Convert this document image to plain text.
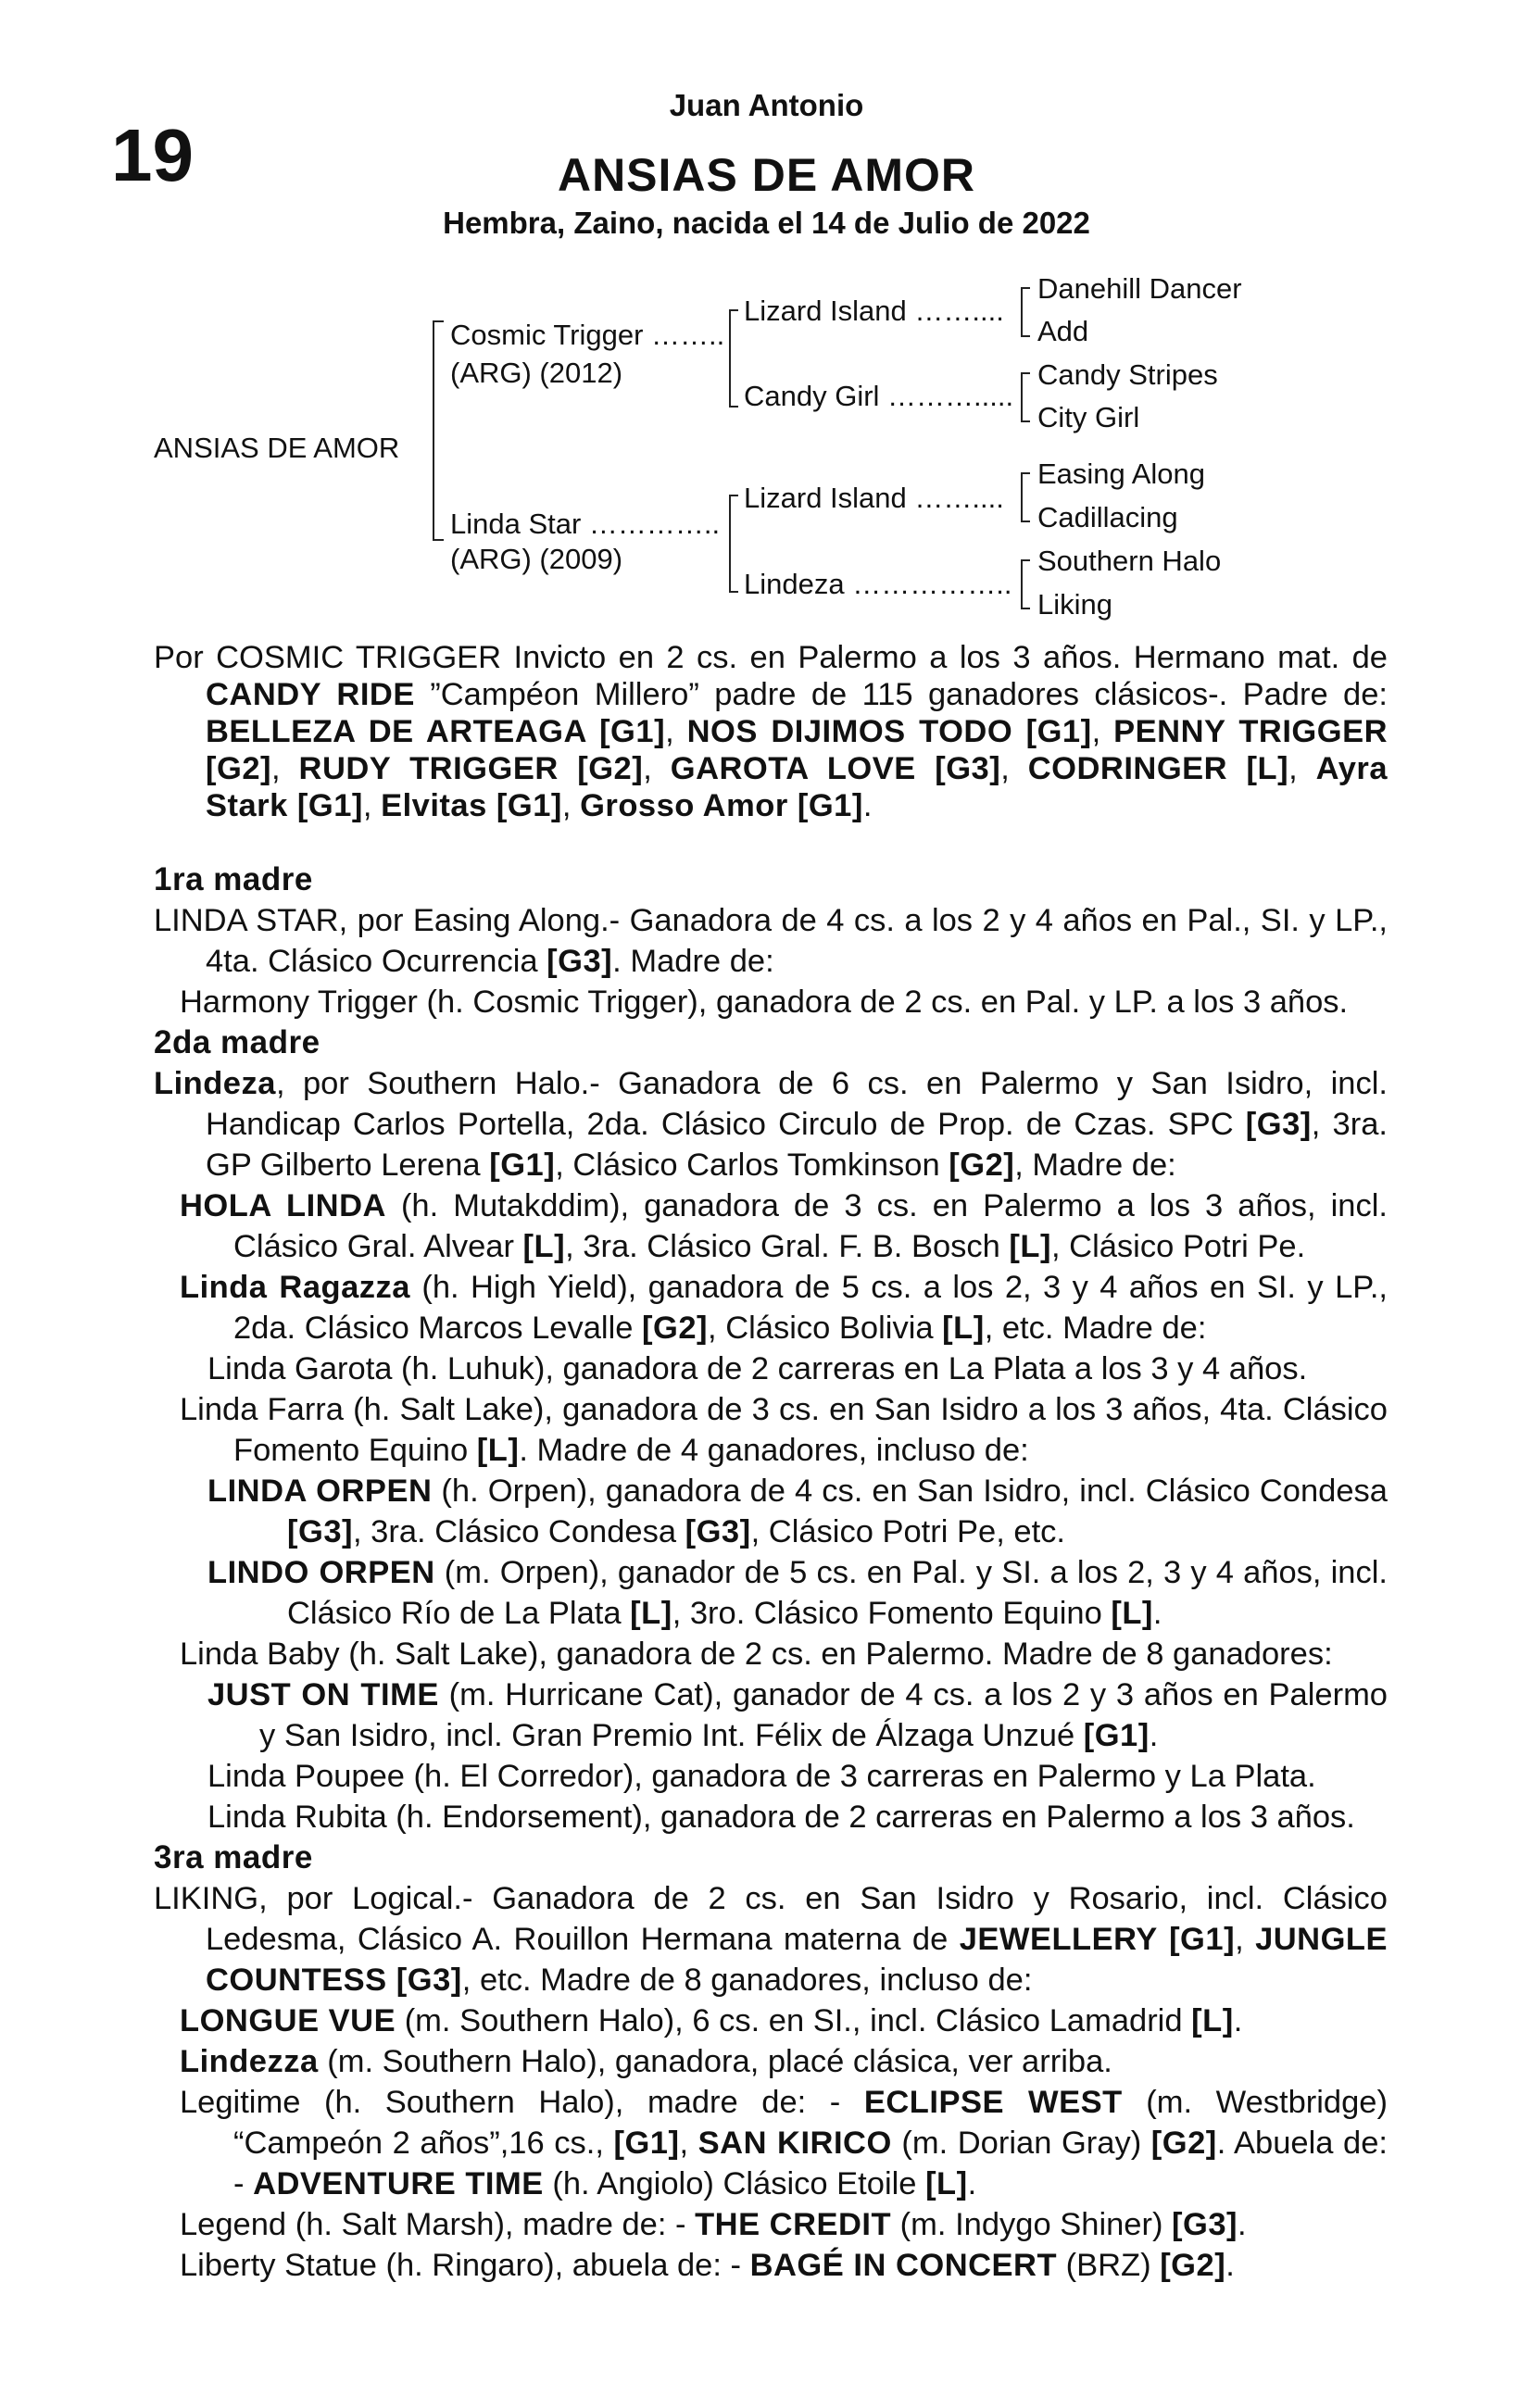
19
Juan Antonio
ANSIAS DE AMOR
Hembra, Zaino, nacida el 14 de Julio de 2022
ANSIAS DE AMOR
Cosmic Trigger ……..
(ARG) (2012)
Linda Star …………..
(ARG) (2009)
Lizard Island ……....
Candy Girl ……….....
Lizard Island ……....
Lindeza ……………..
Danehill Dancer
Add
Candy Stripes
City Girl
Easing Along
Cadillacing
Southern Halo
Liking

Por COSMIC TRIGGER Invicto en 2 cs. en Palermo a los 3 años. Hermano mat. de CANDY RIDE ”Campéon Millero” padre de 115 ganadores clásicos-. Padre de: BELLEZA DE ARTEAGA [G1], NOS DIJIMOS TODO [G1], PENNY TRIGGER [G2], RUDY TRIGGER [G2], GAROTA LOVE [G3], CODRINGER [L], Ayra Stark [G1], Elvitas [G1], Grosso Amor [G1].

1ra madre

LINDA STAR, por Easing Along.- Ganadora de 4 cs. a los 2 y 4 años en Pal., SI. y LP., 4ta. Clásico Ocurrencia [G3]. Madre de:

Harmony Trigger (h. Cosmic Trigger), ganadora de 2 cs. en Pal. y LP. a los 3 años.

2da madre

Lindeza, por Southern Halo.- Ganadora de 6 cs. en Palermo y San Isidro, incl. Handicap Carlos Portella, 2da. Clásico Circulo de Prop. de Czas. SPC [G3], 3ra. GP Gilberto Lerena [G1], Clásico Carlos Tomkinson [G2], Madre de:

HOLA LINDA (h. Mutakddim), ganadora de 3 cs. en Palermo a los 3 años, incl. Clásico Gral. Alvear [L], 3ra. Clásico Gral. F. B. Bosch [L], Clásico Potri Pe.

Linda Ragazza (h. High Yield), ganadora de 5 cs. a los 2, 3 y 4 años en SI. y LP., 2da. Clásico Marcos Levalle [G2], Clásico Bolivia [L], etc. Madre de:

Linda Garota (h. Luhuk), ganadora de 2 carreras en La Plata a los 3 y 4 años.

Linda Farra (h. Salt Lake), ganadora de 3 cs. en San Isidro a los 3 años, 4ta. Clásico Fomento Equino [L]. Madre de 4 ganadores, incluso de:

LINDA ORPEN (h. Orpen), ganadora de 4 cs. en San Isidro, incl. Clásico Condesa [G3], 3ra. Clásico Condesa [G3], Clásico Potri Pe, etc.

LINDO ORPEN (m. Orpen), ganador de 5 cs. en Pal. y SI. a los 2, 3 y 4 años, incl. Clásico Río de La Plata [L], 3ro. Clásico Fomento Equino [L].

Linda Baby (h. Salt Lake), ganadora de 2 cs. en Palermo. Madre de 8 ganadores:

JUST ON TIME (m. Hurricane Cat), ganador de 4 cs. a los 2 y 3 años en Palermo y San Isidro, incl. Gran Premio Int. Félix de Álzaga Unzué [G1].

Linda Poupee (h. El Corredor), ganadora de 3 carreras en Palermo y La Plata.

Linda Rubita (h. Endorsement), ganadora de 2 carreras en Palermo a los 3 años.

3ra madre

LIKING, por Logical.- Ganadora de 2 cs. en San Isidro y Rosario, incl. Clásico Ledesma, Clásico A. Rouillon Hermana materna de JEWELLERY [G1], JUNGLE COUNTESS [G3], etc. Madre de 8 ganadores, incluso de:

LONGUE VUE (m. Southern Halo), 6 cs. en SI., incl. Clásico Lamadrid [L].

Lindezza (m. Southern Halo), ganadora, placé clásica, ver arriba.

Legitime (h. Southern Halo), madre de: - ECLIPSE WEST (m. Westbridge) “Campeón 2 años”,16 cs., [G1], SAN KIRICO (m. Dorian Gray) [G2]. Abuela de: - ADVENTURE TIME (h. Angiolo) Clásico Etoile [L].

Legend (h. Salt Marsh), madre de: - THE CREDIT (m. Indygo Shiner) [G3].

Liberty Statue (h. Ringaro), abuela de: - BAGÉ IN CONCERT (BRZ) [G2].
